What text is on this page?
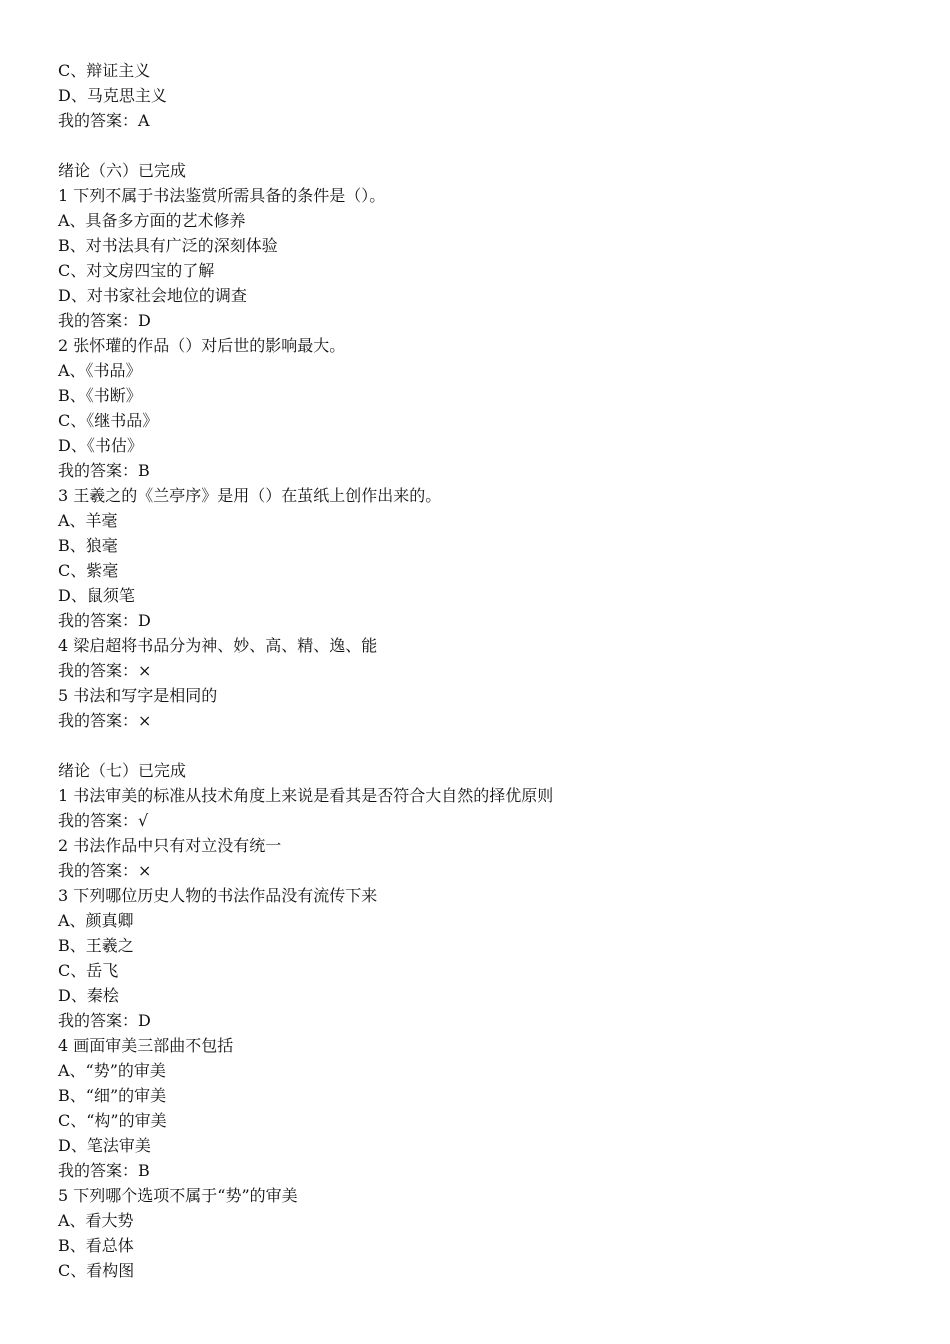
C、辩证主义
D、马克思主义
我的答案：A
绪论（六）已完成
1 下列不属于书法鉴赏所需具备的条件是（）。
A、具备多方面的艺术修养
B、对书法具有广泛的深刻体验
C、对文房四宝的了解
D、对书家社会地位的调查
我的答案：D
2 张怀瓘的作品（）对后世的影响最大。
A、《书品》
B、《书断》
C、《继书品》
D、《书估》
我的答案：B
3 王羲之的《兰亭序》是用（）在茧纸上创作出来的。
A、羊毫
B、狼毫
C、紫毫
D、鼠须笔
我的答案：D
4 梁启超将书品分为神、妙、高、精、逸、能
我的答案：×
5 书法和写字是相同的
我的答案：×
绪论（七）已完成
1 书法审美的标准从技术角度上来说是看其是否符合大自然的择优原则
我的答案：√
2 书法作品中只有对立没有统一
我的答案：×
3 下列哪位历史人物的书法作品没有流传下来
A、颜真卿
B、王羲之
C、岳飞
D、秦桧
我的答案：D
4 画面审美三部曲不包括
A、“势”的审美
B、“细”的审美
C、“构”的审美
D、笔法审美
我的答案：B
5 下列哪个选项不属于“势”的审美
A、看大势
B、看总体
C、看构图
